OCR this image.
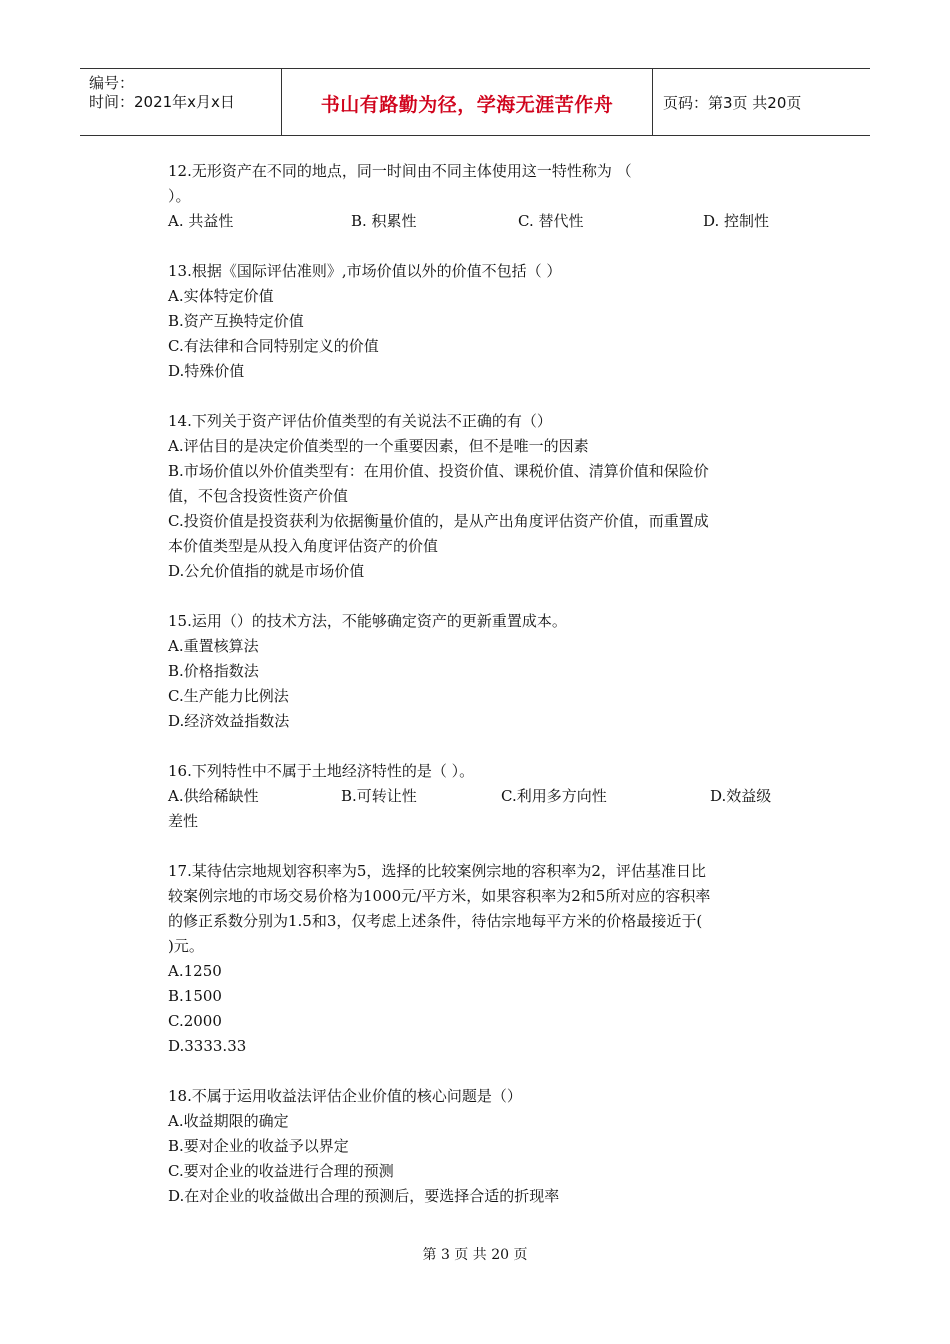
编号：
时间：2021年x月x日	书山有路勤为径，学海无涯苦作舟	页码：第3页 共20页
12.无形资产在不同的地点，同一时间由不同主体使用这一特性称为 （
）。
A. 共益性	B. 积累性	C. 替代性	D. 控制性
13.根据《国际评估准则》,市场价值以外的价值不包括（ ）
A.实体特定价值
B.资产互换特定价值
C.有法律和合同特别定义的价值
D.特殊价值
14.下列关于资产评估价值类型的有关说法不正确的有（）
A.评估目的是决定价值类型的一个重要因素，但不是唯一的因素
B.市场价值以外价值类型有：在用价值、投资价值、课税价值、清算价值和保险价
值，不包含投资性资产价值
C.投资价值是投资获利为依据衡量价值的，是从产出角度评估资产价值，而重置成
本价值类型是从投入角度评估资产的价值
D.公允价值指的就是市场价值
15.运用（）的技术方法，不能够确定资产的更新重置成本。
A.重置核算法
B.价格指数法
C.生产能力比例法
D.经济效益指数法
16.下列特性中不属于土地经济特性的是（ ）。
A.供给稀缺性	B.可转让性	C.利用多方向性	D.效益级
差性
17.某待估宗地规划容积率为5，选择的比较案例宗地的容积率为2，评估基准日比
较案例宗地的市场交易价格为1000元/平方米，如果容积率为2和5所对应的容积率
的修正系数分别为1.5和3，仅考虑上述条件，待估宗地每平方米的价格最接近于(
)元。
A.1250
B.1500
C.2000
D.3333.33
18.不属于运用收益法评估企业价值的核心问题是（）
A.收益期限的确定
B.要对企业的收益予以界定
C.要对企业的收益进行合理的预测
D.在对企业的收益做出合理的预测后，要选择合适的折现率
第 3 页 共 20 页
